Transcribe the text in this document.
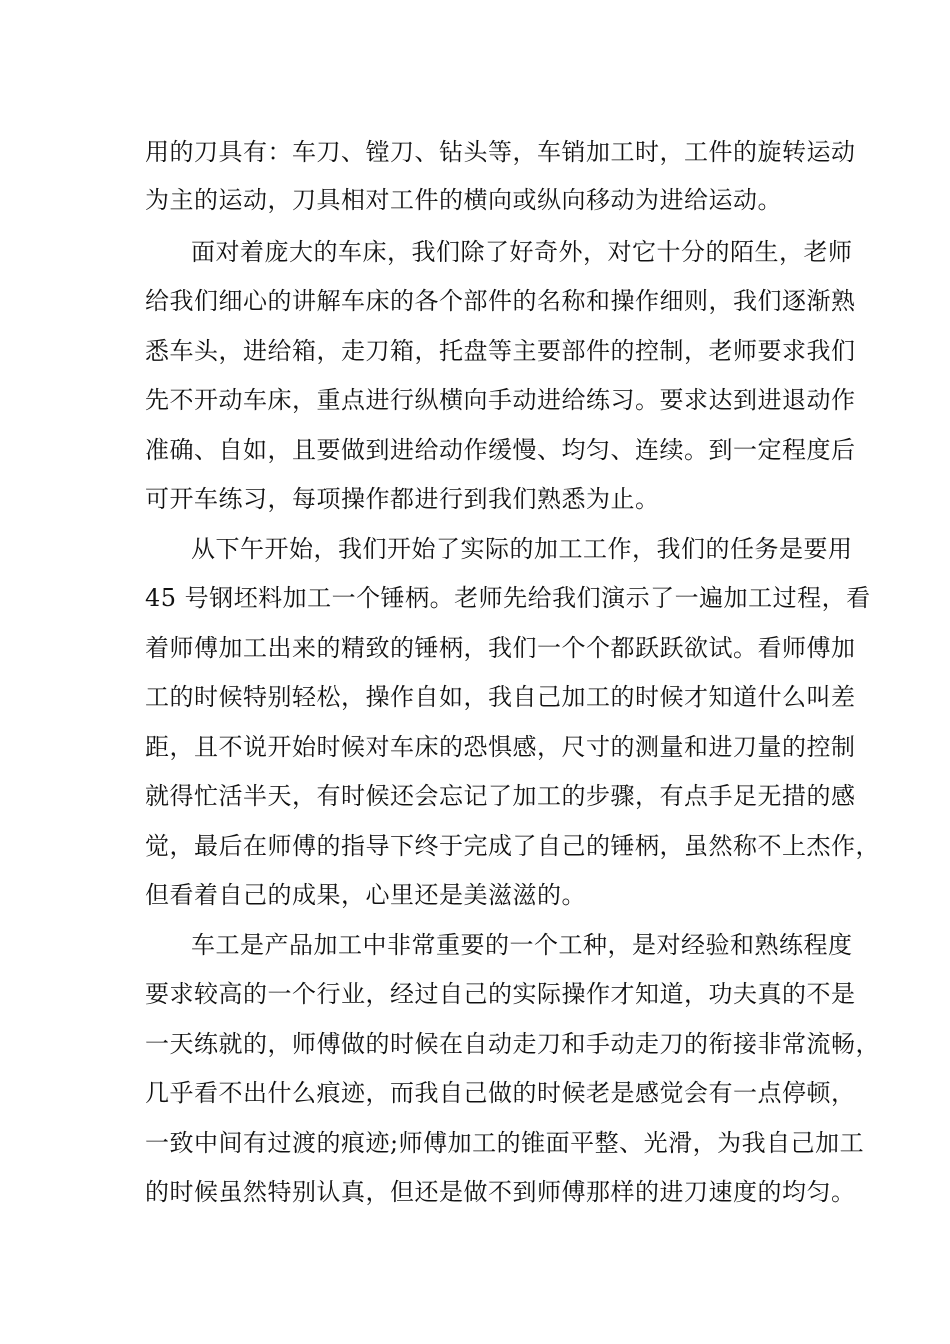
用的刀具有：车刀、镗刀、钻头等，车销加工时，工件的旋转运动
为主的运动，刀具相对工件的横向或纵向移动为进给运动。
面对着庞大的车床，我们除了好奇外，对它十分的陌生，老师
给我们细心的讲解车床的各个部件的名称和操作细则，我们逐渐熟
悉车头，进给箱，走刀箱，托盘等主要部件的控制，老师要求我们
先不开动车床，重点进行纵横向手动进给练习。要求达到进退动作
准确、自如，且要做到进给动作缓慢、均匀、连续。到一定程度后
可开车练习，每项操作都进行到我们熟悉为止。
从下午开始，我们开始了实际的加工工作，我们的任务是要用
45 号钢坯料加工一个锤柄。老师先给我们演示了一遍加工过程，看
着师傅加工出来的精致的锤柄，我们一个个都跃跃欲试。看师傅加
工的时候特别轻松，操作自如，我自己加工的时候才知道什么叫差
距，且不说开始时候对车床的恐惧感，尺寸的测量和进刀量的控制
就得忙活半天，有时候还会忘记了加工的步骤，有点手足无措的感
觉，最后在师傅的指导下终于完成了自己的锤柄，虽然称不上杰作，
但看着自己的成果，心里还是美滋滋的。
车工是产品加工中非常重要的一个工种，是对经验和熟练程度
要求较高的一个行业，经过自己的实际操作才知道，功夫真的不是
一天练就的，师傅做的时候在自动走刀和手动走刀的衔接非常流畅，
几乎看不出什么痕迹，而我自己做的时候老是感觉会有一点停顿，
一致中间有过渡的痕迹;师傅加工的锥面平整、光滑，为我自己加工
的时候虽然特别认真，但还是做不到师傅那样的进刀速度的均匀。
